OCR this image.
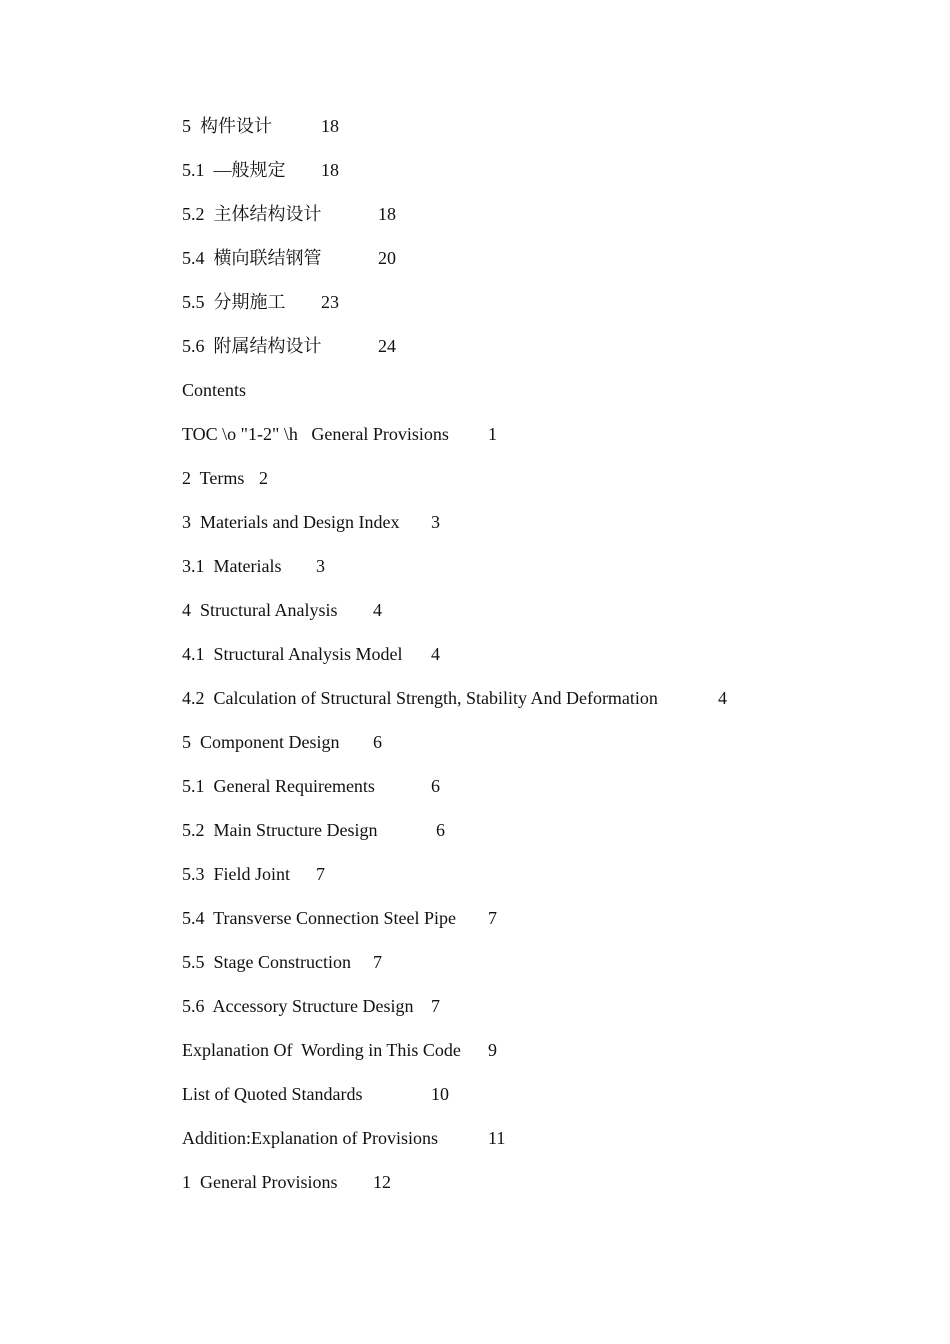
5  构件设计	18
5.1  —般规定 18
5.2  主体结构设计	18
5.4  横向联结钢管	20
5.5  分期施工 23
5.6  附属结构设计	24
Contents
TOC \o "1-2" \h   General Provisions 1
2  Terms 2
3  Materials and Design Index 3
3.1  Materials 3
4  Structural Analysis 4
4.1  Structural Analysis Model 4
4.2  Calculation of Structural Strength, Stability And Deformation	4
5  Component Design 6
5.1  General Requirements	6
5.2  Main Structure Design	6
5.3  Field Joint 7
5.4  Transverse Connection Steel Pipe 7
5.5  Stage Construction 7
5.6  Accessory Structure Design 7
Explanation Of  Wording in This Code 9
List of Quoted Standards	10
Addition:Explanation of Provisions	11
1  General Provisions 12
